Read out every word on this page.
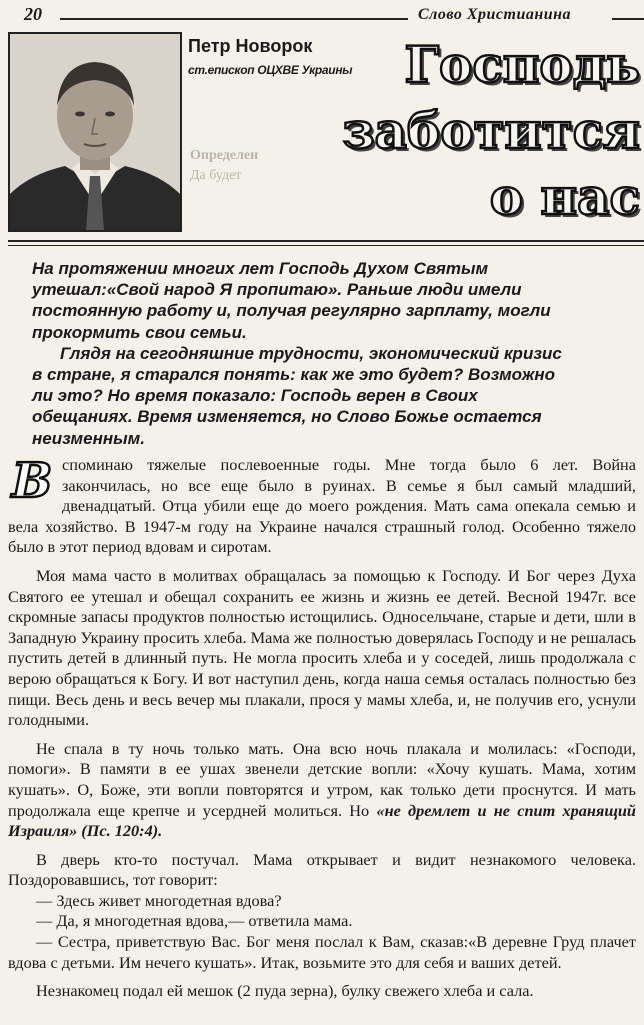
20	Слово Христианина
Петр Новорок
ст.епископ ОЦХВЕ Украины
Определен
Да будет
Господь
заботится
о нас

На протяжении многих лет Господь Духом Святым утешал:«Свой народ Я пропитаю». Раньше люди имели постоянную работу и, получая регулярно зарплату, могли прокормить свои семьи.

Глядя на сегодняшние трудности, экономический кризис в стране, я старался понять: как же это будет? Возможно ли это? Но время показало: Господь верен в Своих обещаниях. Время изменяется, но Слово Божье остается неизменным.

В споминаю тяжелые послевоенные годы. Мне тогда было 6 лет. Война закончилась, но все еще было в руинах. В семье я был самый младший, двенадцатый. Отца убили еще до моего рождения. Мать сама опекала семью и вела хозяйство. В 1947-м году на Украине начался страшный голод. Особенно тяжело было в этот период вдовам и сиротам.

Моя мама часто в молитвах обращалась за помощью к Господу. И Бог через Духа Святого ее утешал и обещал сохранить ее жизнь и жизнь ее детей. Весной 1947г. все скромные запасы продуктов полностью истощились. Односельчане, старые и дети, шли в Западную Украину просить хлеба. Мама же полностью доверялась Господу и не решалась пустить детей в длинный путь. Не могла просить хлеба и у соседей, лишь продолжала с верою обращаться к Богу. И вот наступил день, когда наша семья осталась полностью без пищи. Весь день и весь вечер мы плакали, прося у мамы хлеба, и, не получив его, уснули голодными.

Не спала в ту ночь только мать. Она всю ночь плакала и молилась: «Господи, помоги». В памяти в ее ушах звенели детские вопли: «Хочу кушать. Мама, хотим кушать». О, Боже, эти вопли повторятся и утром, как только дети проснутся. И мать продолжала еще крепче и усердней молиться. Но «не дремлет и не спит хранящий Израиля» (Пс. 120:4).

В дверь кто-то постучал. Мама открывает и видит незнакомого человека. Поздоровавшись, тот говорит:

— Здесь живет многодетная вдова?

— Да, я многодетная вдова,— ответила мама.

— Сестра, приветствую Вас. Бог меня послал к Вам, сказав:«В деревне Груд плачет вдова с детьми. Им нечего кушать». Итак, возьмите это для себя и ваших детей.

Незнакомец подал ей мешок (2 пуда зерна), булку свежего хлеба и сала.
